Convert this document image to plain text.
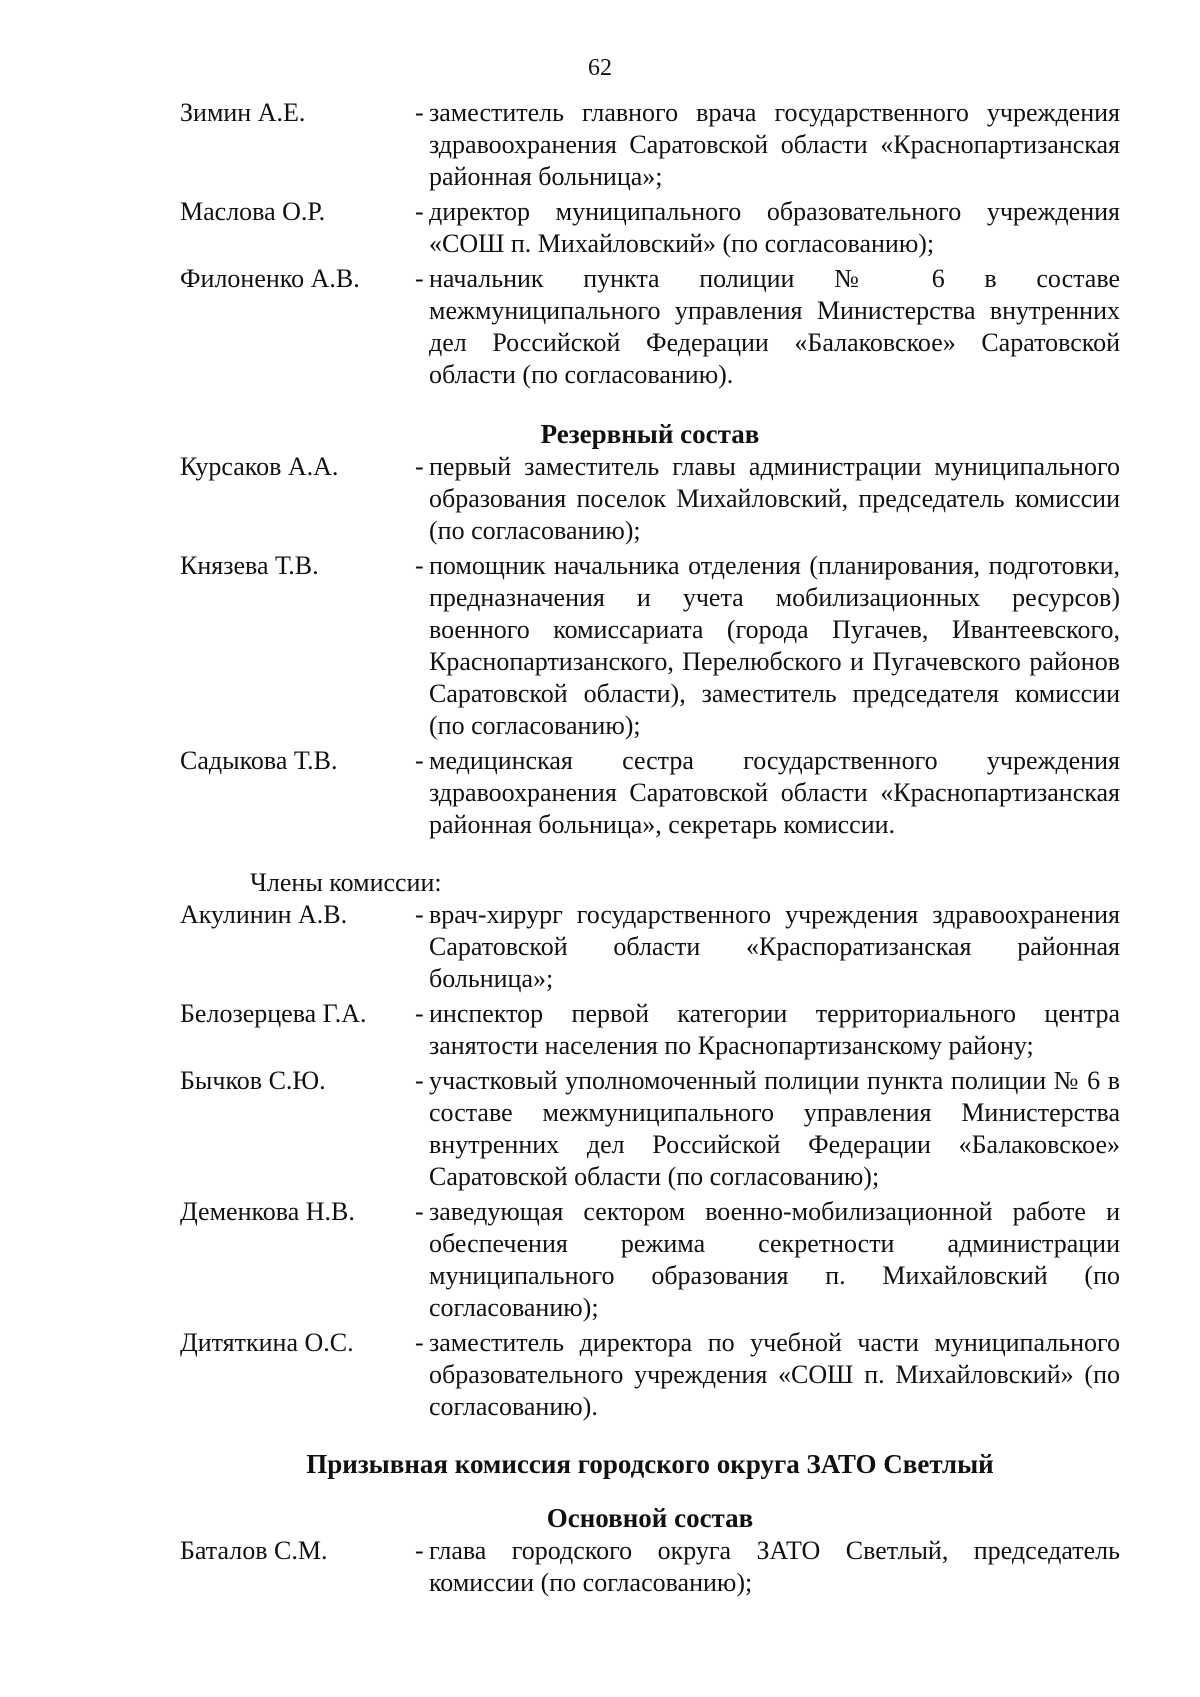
62
Зимин А.Е.	- заместитель главного врача государственного учреждения здравоохранения Саратовской области «Краснопартизанская районная больница»;
Маслова О.Р.	- директор муниципального образовательного учреждения «СОШ п. Михайловский» (по согласованию);
Филоненко А.В.	- начальник пункта полиции № 6 в составе межмуниципального управления Министерства внутренних дел Российской Федерации «Балаковское» Саратовской области (по согласованию).
Резервный состав
Курсаков А.А.	- первый заместитель главы администрации муниципального образования поселок Михайловский, председатель комиссии (по согласованию);
Князева Т.В.	- помощник начальника отделения (планирования, подготовки, предназначения и учета мобилизационных ресурсов) военного комиссариата (города Пугачев, Ивантеевского, Краснопартизанского, Перелюбского и Пугачевского районов Саратовской области), заместитель председателя комиссии (по согласованию);
Садыкова Т.В.	- медицинская сестра государственного учреждения здравоохранения Саратовской области «Краснопартизанская районная больница», секретарь комиссии.
Члены комиссии:
Акулинин А.В.	- врач-хирург государственного учреждения здравоохранения Саратовской области «Краспоратизанская районная больница»;
Белозерцева Г.А.	- инспектор первой категории территориального центра занятости населения по Краснопартизанскому району;
Бычков С.Ю.	- участковый уполномоченный полиции пункта полиции № 6 в составе межмуниципального управления Министерства внутренних дел Российской Федерации «Балаковское» Саратовской области (по согласованию);
Деменкова Н.В.	- заведующая сектором военно-мобилизационной работе и обеспечения режима секретности администрации муниципального образования п. Михайловский (по согласованию);
Дитяткина О.С.	- заместитель директора по учебной части муниципального образовательного учреждения «СОШ п. Михайловский» (по согласованию).
Призывная комиссия городского округа ЗАТО Светлый
Основной состав
Баталов С.М.	- глава городского округа ЗАТО Светлый, председатель комиссии (по согласованию);
